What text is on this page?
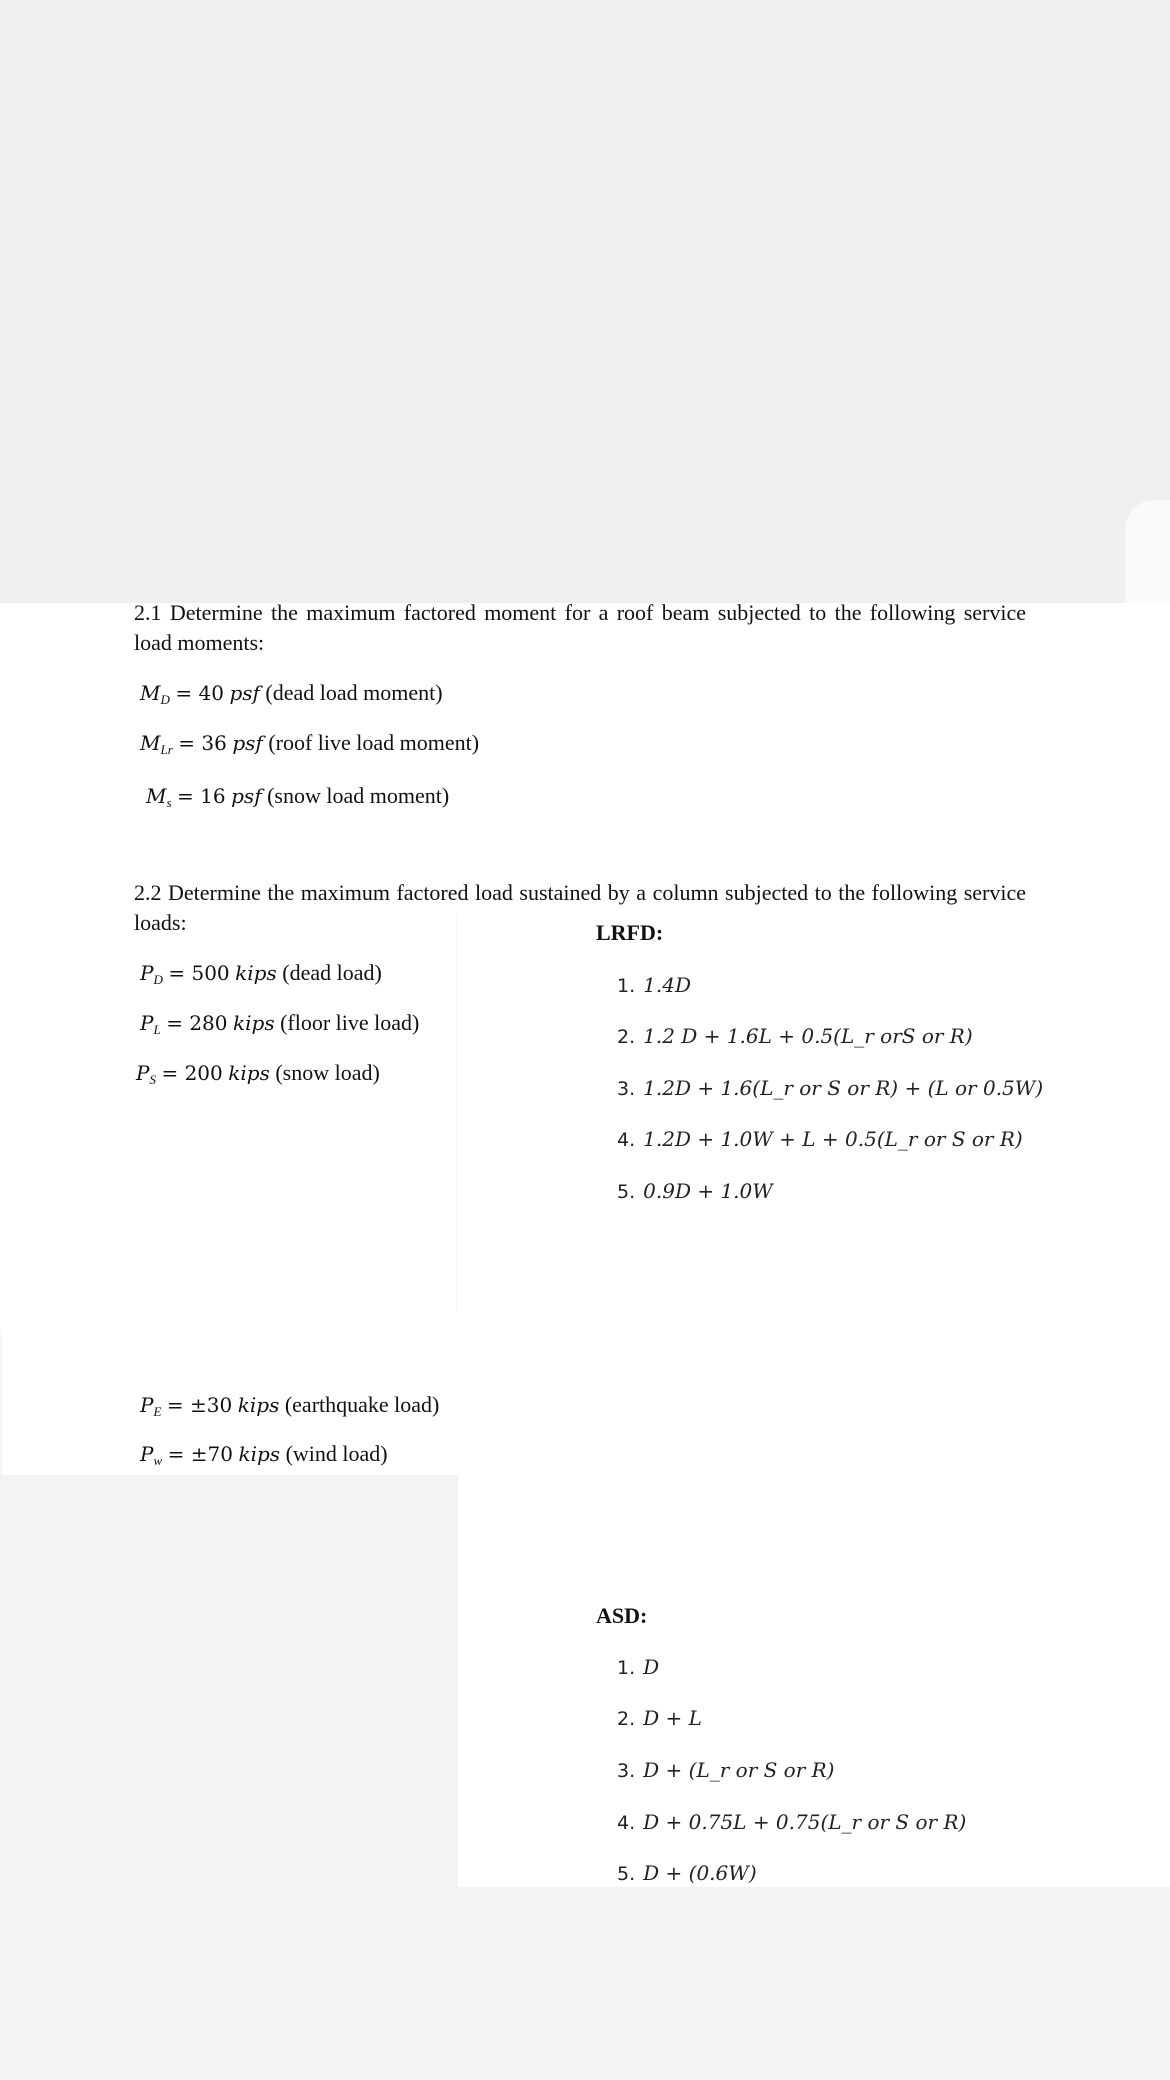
2.1 Determine the maximum factored moment for a roof beam subjected to the following service load moments:
$M_D = 40$ psf (dead load moment)
$M_{Lr} = 36$ psf (roof live load moment)
$M_s = 16$ psf (snow load moment)
2.2 Determine the maximum factored load sustained by a column subjected to the following service loads:
$P_D = 500$ kips (dead load)
$P_L = 280$ kips (floor live load)
$P_S = 200$ kips (snow load)
$P_E = \pm 30$ kips (earthquake load)
$P_w = \pm 70$ kips (wind load)
LRFD:
1. 1.4D
2. 1.2 D + 1.6L + 0.5(L_r orS or R)
3. 1.2D + 1.6(L_r or S or R) + (L or 0.5W)
4. 1.2D + 1.0W + L + 0.5(L_r or S or R)
5. 0.9D + 1.0W
ASD:
1. D
2. D + L
3. D + (L_r or S or R)
4. D + 0.75L + 0.75(L_r or S or R)
5. D + (0.6W)
